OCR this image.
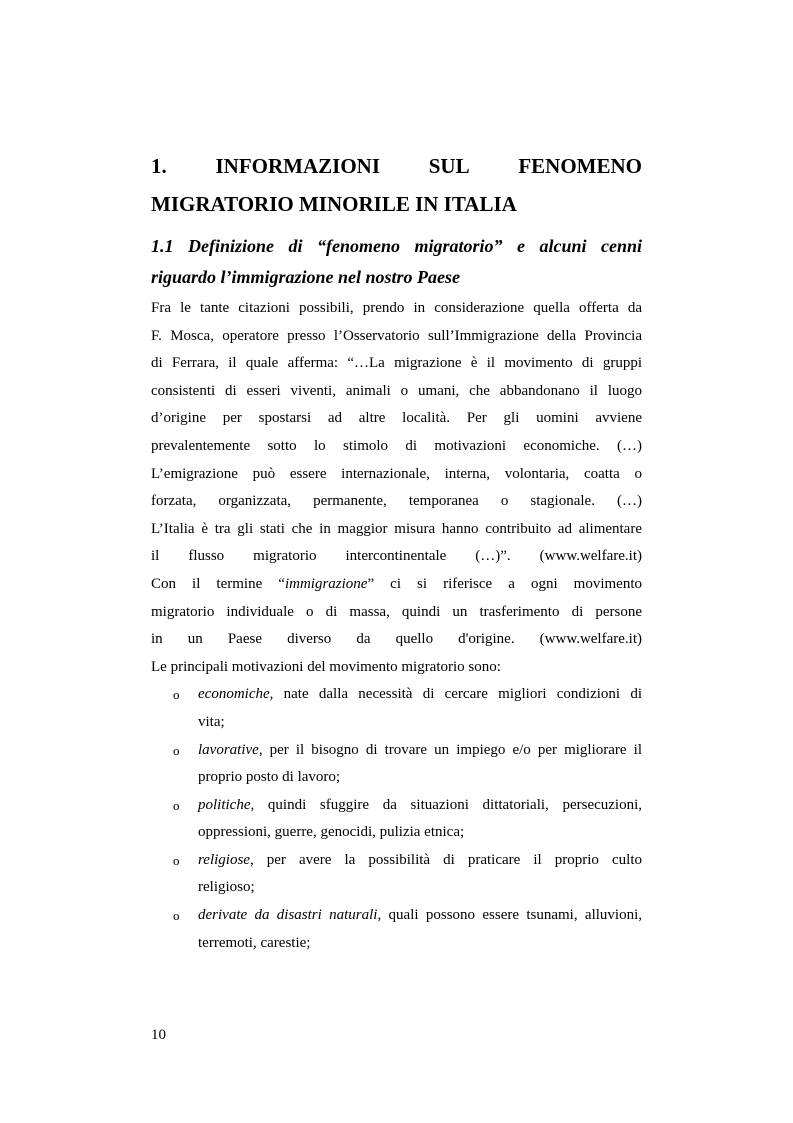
1. INFORMAZIONI SUL FENOMENO
MIGRATORIO MINORILE IN ITALIA
1.1 Definizione di “fenomeno migratorio” e alcuni cenni
riguardo l’immigrazione nel nostro Paese

Fra le tante citazioni possibili, prendo in considerazione quella offerta da
F. Mosca, operatore presso l’Osservatorio sull’Immigrazione della Provincia
di Ferrara, il quale afferma: “…La migrazione è il movimento di gruppi
consistenti di esseri viventi, animali o umani, che abbandonano il luogo
d’origine per spostarsi ad altre località. Per gli uomini avviene
prevalentemente sotto lo stimolo di motivazioni economiche. (…)
L’emigrazione può essere internazionale, interna, volontaria, coatta o
forzata, organizzata, permanente, temporanea o stagionale. (…)
L’Italia è tra gli stati che in maggior misura hanno contribuito ad alimentare
il flusso migratorio intercontinentale (…)”. (www.welfare.it)

Con il termine “immigrazione” ci si riferisce a ogni movimento
migratorio individuale o di massa, quindi un trasferimento di persone
in un Paese diverso da quello d'origine. (www.welfare.it)
Le principali motivazioni del movimento migratorio sono:

o economiche, nate dalla necessità di cercare migliori condizioni di
vita;
o lavorative, per il bisogno di trovare un impiego e/o per migliorare il
proprio posto di lavoro;
o politiche, quindi sfuggire da situazioni dittatoriali, persecuzioni,
oppressioni, guerre, genocidi, pulizia etnica;
o religiose, per avere la possibilità di praticare il proprio culto
religioso;
o derivate da disastri naturali, quali possono essere tsunami, alluvioni,
terremoti, carestie;
10
